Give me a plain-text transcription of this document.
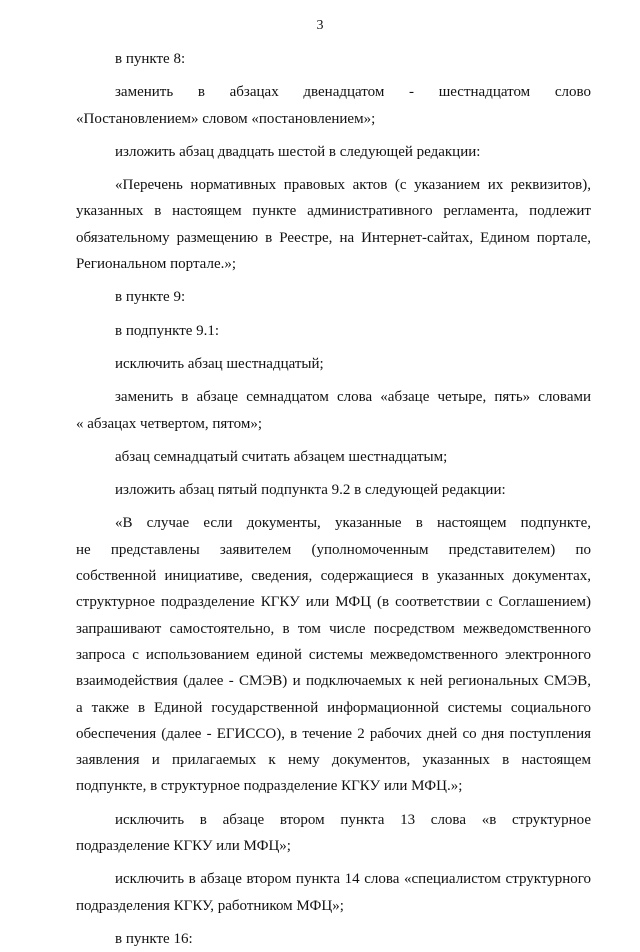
3
в пункте 8:
заменить в абзацах двенадцатом - шестнадцатом слово
«Постановлением» словом «постановлением»;
изложить абзац двадцать шестой в следующей редакции:
«Перечень нормативных правовых актов (с указанием их реквизитов),
указанных в настоящем пункте административного регламента, подлежит
обязательному размещению в Реестре, на Интернет-сайтах, Едином портале,
Региональном портале.»;
в пункте 9:
в подпункте 9.1:
исключить абзац шестнадцатый;
заменить в абзаце семнадцатом слова «абзаце четыре, пять» словами
« абзацах четвертом, пятом»;
абзац семнадцатый считать абзацем шестнадцатым;
изложить абзац пятый подпункта 9.2 в следующей редакции:
«В случае если документы, указанные в настоящем подпункте,
не представлены заявителем (уполномоченным представителем) по
собственной инициативе, сведения, содержащиеся в указанных документах,
структурное подразделение КГКУ или МФЦ (в соответствии с Соглашением)
запрашивают самостоятельно, в том числе посредством межведомственного
запроса с использованием единой системы межведомственного электронного
взаимодействия (далее - СМЭВ) и подключаемых к ней региональных СМЭВ,
а также в Единой государственной информационной системы социального
обеспечения (далее - ЕГИССО), в течение 2 рабочих дней со дня поступления
заявления и прилагаемых к нему документов, указанных в настоящем
подпункте, в структурное подразделение КГКУ или МФЦ.»;
исключить в абзаце втором пункта 13 слова «в структурное
подразделение КГКУ или МФЦ»;
исключить в абзаце втором пункта 14 слова «специалистом структурного
подразделения КГКУ, работником МФЦ»;
в пункте 16:
